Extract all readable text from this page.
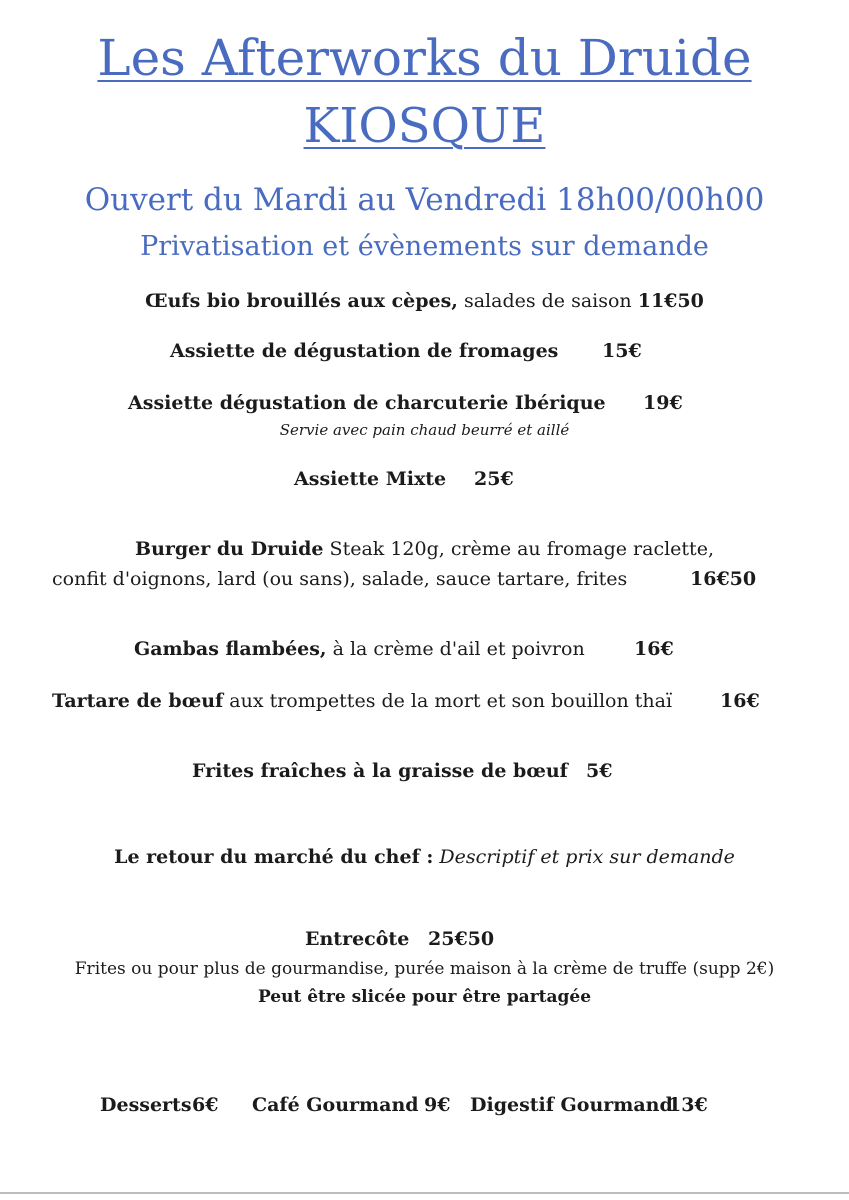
Les Afterworks du Druide
KIOSQUE
Ouvert du Mardi au Vendredi 18h00/00h00
Privatisation et évènements sur demande
Œufs bio brouillés aux cèpes, salades de saison 11€50
Assiette de dégustation de fromages 15€
Assiette dégustation de charcuterie Ibérique 19€
Servie avec pain chaud beurré et aillé
Assiette Mixte 25€
Burger du Druide Steak 120g, crème au fromage raclette,
confit d'oignons, lard (ou sans), salade, sauce tartare, frites	16€50
Gambas flambées, à la crème d'ail et poivron	16€
Tartare de bœuf aux trompettes de la mort et son bouillon thaï	16€
Frites fraîches à la graisse de bœuf 5€
Le retour du marché du chef : Descriptif et prix sur demande
Entrecôte 25€50
Frites ou pour plus de gourmandise, purée maison à la crème de truffe (supp 2€)
Peut être slicée pour être partagée
Desserts 6€ Café Gourmand 9€ Digestif Gourmand
13€
